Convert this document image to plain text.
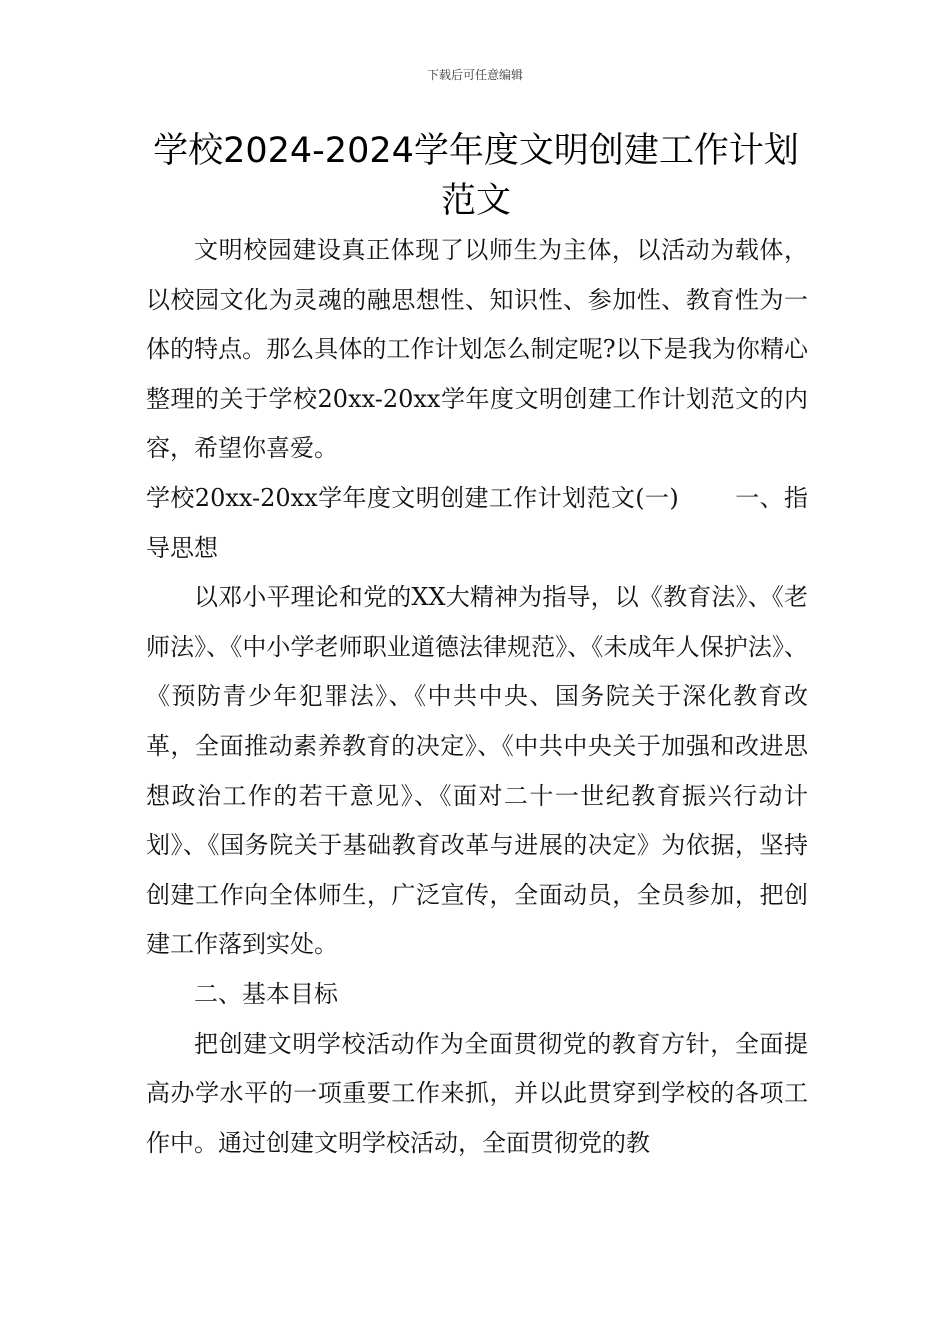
下载后可任意编辑
学校2024-2024学年度文明创建工作计划范文

文明校园建设真正体现了以师生为主体，以活动为载体，以校园文化为灵魂的融思想性、知识性、参加性、教育性为一体的特点。那么具体的工作计划怎么制定呢?以下是我为你精心整理的关于学校20xx-20xx学年度文明创建工作计划范文的内容，希望你喜爱。

学校20xx-20xx学年度文明创建工作计划范文(一) 一、指导思想

以邓小平理论和党的XX大精神为指导，以《教育法》、《老师法》、《中小学老师职业道德法律规范》、《未成年人保护法》、《预防青少年犯罪法》、《中共中央、国务院关于深化教育改革，全面推动素养教育的决定》、《中共中央关于加强和改进思想政治工作的若干意见》、《面对二十一世纪教育振兴行动计划》、《国务院关于基础教育改革与进展的决定》为依据，坚持创建工作向全体师生，广泛宣传，全面动员，全员参加，把创建工作落到实处。

二、基本目标

把创建文明学校活动作为全面贯彻党的教育方针，全面提高办学水平的一项重要工作来抓，并以此贯穿到学校的各项工作中。通过创建文明学校活动，全面贯彻党的教
